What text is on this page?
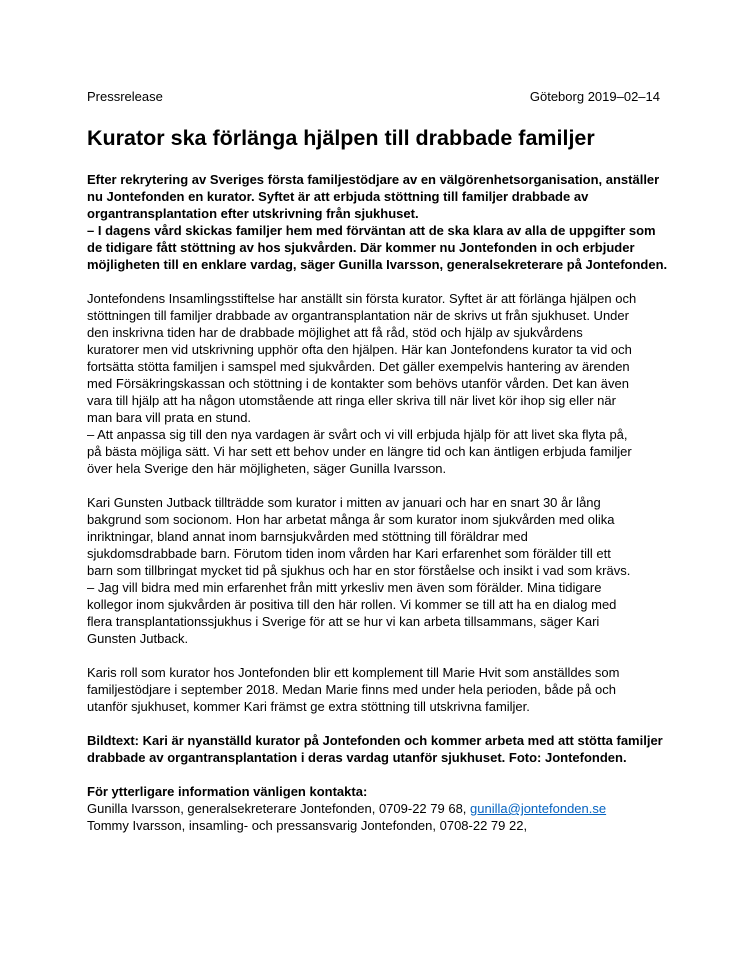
Pressrelease	Göteborg 2019–02–14
Kurator ska förlänga hjälpen till drabbade familjer
Efter rekrytering av Sveriges första familjestödjare av en välgörenhetsorganisation, anställer
nu Jontefonden en kurator. Syftet är att erbjuda stöttning till familjer drabbade av
organtransplantation efter utskrivning från sjukhuset.
– I dagens vård skickas familjer hem med förväntan att de ska klara av alla de uppgifter som
de tidigare fått stöttning av hos sjukvården. Där kommer nu Jontefonden in och erbjuder
möjligheten till en enklare vardag, säger Gunilla Ivarsson, generalsekreterare på Jontefonden.
Jontefondens Insamlingsstiftelse har anställt sin första kurator. Syftet är att förlänga hjälpen och
stöttningen till familjer drabbade av organtransplantation när de skrivs ut från sjukhuset. Under
den inskrivna tiden har de drabbade möjlighet att få råd, stöd och hjälp av sjukvårdens
kuratorer men vid utskrivning upphör ofta den hjälpen. Här kan Jontefondens kurator ta vid och
fortsätta stötta familjen i samspel med sjukvården. Det gäller exempelvis hantering av ärenden
med Försäkringskassan och stöttning i de kontakter som behövs utanför vården. Det kan även
vara till hjälp att ha någon utomstående att ringa eller skriva till när livet kör ihop sig eller när
man bara vill prata en stund.
– Att anpassa sig till den nya vardagen är svårt och vi vill erbjuda hjälp för att livet ska flyta på,
på bästa möjliga sätt. Vi har sett ett behov under en längre tid och kan äntligen erbjuda familjer
över hela Sverige den här möjligheten, säger Gunilla Ivarsson.
Kari Gunsten Jutback tillträdde som kurator i mitten av januari och har en snart 30 år lång
bakgrund som socionom. Hon har arbetat många år som kurator inom sjukvården med olika
inriktningar, bland annat inom barnsjukvården med stöttning till föräldrar med
sjukdomsdrabbade barn. Förutom tiden inom vården har Kari erfarenhet som förälder till ett
barn som tillbringat mycket tid på sjukhus och har en stor förståelse och insikt i vad som krävs.
– Jag vill bidra med min erfarenhet från mitt yrkesliv men även som förälder. Mina tidigare
kollegor inom sjukvården är positiva till den här rollen. Vi kommer se till att ha en dialog med
flera transplantationssjukhus i Sverige för att se hur vi kan arbeta tillsammans, säger Kari
Gunsten Jutback.
Karis roll som kurator hos Jontefonden blir ett komplement till Marie Hvit som anställdes som
familjestödjare i september 2018. Medan Marie finns med under hela perioden, både på och
utanför sjukhuset, kommer Kari främst ge extra stöttning till utskrivna familjer.
Bildtext: Kari är nyanställd kurator på Jontefonden och kommer arbeta med att stötta familjer
drabbade av organtransplantation i deras vardag utanför sjukhuset. Foto: Jontefonden.
För ytterligare information vänligen kontakta:
Gunilla Ivarsson, generalsekreterare Jontefonden, 0709-22 79 68, gunilla@jontefonden.se
Tommy Ivarsson, insamling- och pressansvarig Jontefonden, 0708-22 79 22,
